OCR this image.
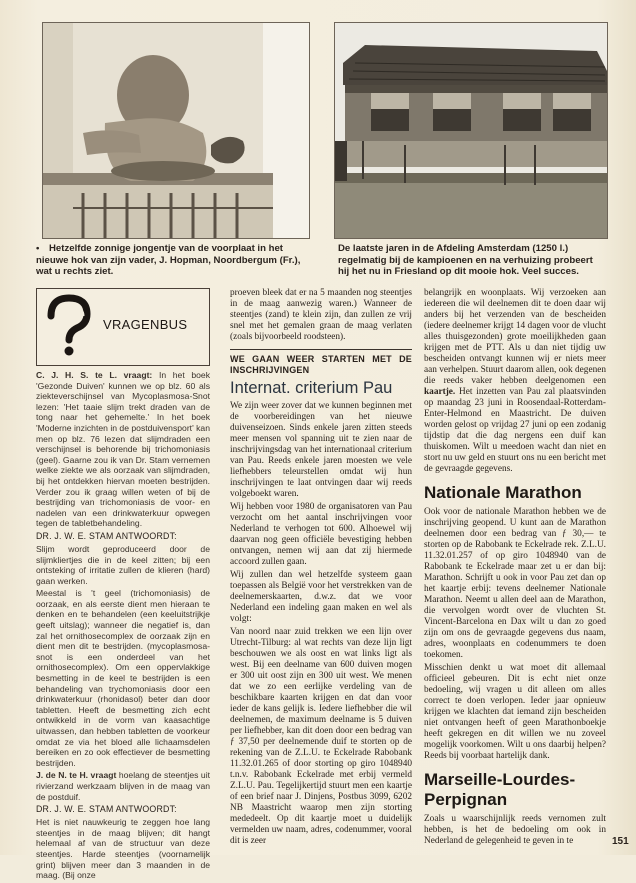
• Hetzelfde zonnige jongentje van de voorplaat in het nieuwe hok van zijn vader, J. Hopman, Noordbergum (Fr.), wat u rechts ziet.
De laatste jaren in de Afdeling Amsterdam (1250 l.) regelmatig bij de kampioenen en na verhuizing probeert hij het nu in Friesland op dit mooie hok. Veel succes.
VRAGENBUS

C. J. H. S. te L. vraagt: In het boek 'Gezonde Duiven' kunnen we op blz. 60 als ziekteverschijnsel van Mycoplasmosa-Snot lezen: 'Het taaie slijm trekt draden van de tong naar het gehemelte.' In het boek 'Moderne inzichten in de postduivensport' kan men op blz. 76 lezen dat slijmdraden een verschijnsel is behorende bij trichomoniasis (geel). Gaarne zou ik van Dr. Stam vernemen welke ziekte we als oorzaak van slijmdraden, bij het ontdekken hiervan moeten bestrijden. Verder zou ik graag willen weten of bij de bestrijding van trichomoniasis de voor- en nadelen van een drinkwaterkuur opwegen tegen de tabletbehandeling.

DR. J. W. E. STAM ANTWOORDT:

Slijm wordt geproduceerd door de slijmkliertjes die in de keel zitten; bij een ontsteking of irritatie zullen de klieren (hard) gaan werken.

Meestal is 't geel (trichomoniasis) de oorzaak, en als eerste dient men hieraan te denken en te behandelen (een keeluitstrijkje geeft uitslag); wanneer die negatief is, dan zal het ornithosecomplex de oorzaak zijn en dient men dit te bestrijden. (mycoplasmosa-snot is een onderdeel van het ornithosecomplex). Om een oppervlakkige besmetting in de keel te bestrijden is een behandeling van trychomoniasis door een drinkwaterkuur (rhonidasol) beter dan door tabletten. Heeft de besmetting zich echt ontwikkeld in de vorm van kaasachtige uitwassen, dan hebben tabletten de voorkeur omdat ze via het bloed alle lichaamsdelen bereiken en zo ook effectiever de besmetting bestrijden.

J. de N. te H. vraagt hoelang de steentjes uit rivierzand werkzaam blijven in de maag van de postduif.

DR. J. W. E. STAM ANTWOORDT:

Het is niet nauwkeurig te zeggen hoe lang steentjes in de maag blijven; dit hangt helemaal af van de structuur van deze steentjes. Harde steentjes (voornamelijk grint) blijven meer dan 3 maanden in de maag. (Bij onze

proeven bleek dat er na 5 maanden nog steentjes in de maag aanwezig waren.) Wanneer de steentjes (zand) te klein zijn, dan zullen ze vrij snel met het gemalen graan de maag verlaten (zoals bijvoorbeeld roodsteen).

WE GAAN WEER STARTEN MET DE INSCHRIJVINGEN
Internat. criterium Pau

We zijn weer zover dat we kunnen beginnen met de voorbereidingen van het nieuwe duivenseizoen. Sinds enkele jaren zitten steeds meer mensen vol spanning uit te zien naar de inschrijvingsdag van het internationaal criterium van Pau. Reeds enkele jaren moesten we vele liefhebbers teleurstellen omdat wij hun inschrijvingen te laat ontvingen daar wij reeds volgeboekt waren.

Wij hebben voor 1980 de organisatoren van Pau verzocht om het aantal inschrijvingen voor Nederland te verhogen tot 600. Alhoewel wij daarvan nog geen officiële bevestiging hebben ontvangen, nemen wij aan dat zij hiermede accoord zullen gaan.

Wij zullen dan wel hetzelfde systeem gaan toepassen als België voor het verstrekken van de deelnemerskaarten, d.w.z. dat we voor Nederland een indeling gaan maken en wel als volgt:

Van noord naar zuid trekken we een lijn over Utrecht-Tilburg: al wat rechts van deze lijn ligt beschouwen we als oost en wat links ligt als west. Bij een deelname van 600 duiven mogen er 300 uit oost zijn en 300 uit west. We menen dat we zo een eerlijke verdeling van de beschikbare kaarten krijgen en dat dan voor ieder de kans gelijk is. Iedere liefhebber die wil deelnemen, de maximum deelname is 5 duiven per liefhebber, kan dit doen door een bedrag van ƒ 37,50 per deelnemende duif te storten op de rekening van de Z.L.U. te Eckelrade Rabobank 11.32.01.265 of door storting op giro 1048940 t.n.v. Rabobank Eckelrade met erbij vermeld Z.L.U. Pau. Tegelijkertijd stuurt men een kaartje of een brief naar J. Dinjens, Postbus 3099, 6202 NB Maastricht waarop men zijn storting mededeelt. Op dit kaartje moet u duidelijk vermelden uw naam, adres, codenummer, vooral dit is zeer

belangrijk en woonplaats. Wij verzoeken aan iedereen die wil deelnemen dit te doen daar wij anders bij het verzenden van de bescheiden (iedere deelnemer krijgt 14 dagen voor de vlucht alles thuisgezonden) grote moeilijkheden gaan krijgen met de PTT. Als u dan niet tijdig uw bescheiden ontvangt kunnen wij er niets meer aan verhelpen. Stuurt daarom allen, ook degenen die reeds vaker hebben deelgenomen een kaartje. Het inzetten van Pau zal plaatsvinden op maandag 23 juni in Roosendaal-Rotterdam-Enter-Helmond en Maastricht. De duiven worden gelost op vrijdag 27 juni op een zodanig tijdstip dat die dag nergens een duif kan thuiskomen. Wilt u meedoen wacht dan niet en stort nu uw geld en stuurt ons nu een bericht met de gevraagde gegevens.

Nationale Marathon

Ook voor de nationale Marathon hebben we de inschrijving geopend. U kunt aan de Marathon deelnemen door een bedrag van ƒ 30,— te storten op de Rabobank te Eckelrade rek. Z.L.U. 11.32.01.257 of op giro 1048940 van de Rabobank te Eckelrade maar zet u er dan bij: Marathon. Schrijft u ook in voor Pau zet dan op het kaartje erbij: tevens deelnemer Nationale Marathon. Neemt u allen deel aan de Marathon, die vervolgen wordt over de vluchten St. Vincent-Barcelona en Dax wilt u dan zo goed zijn om ons de gevraagde gegevens dus naam, adres, woonplaats en codenummers te doen toekomen.

Misschien denkt u wat moet dit allemaal officieel gebeuren. Dit is echt niet onze bedoeling, wij vragen u dit alleen om alles correct te doen verlopen. Ieder jaar opnieuw krijgen we klachten dat iemand zijn bescheiden niet ontvangen heeft of geen Marathonboekje heeft gekregen en dit willen we nu zoveel mogelijk voorkomen. Wilt u ons daarbij helpen? Reeds bij voorbaat hartelijk dank.

Marseille-Lourdes-Perpignan

Zoals u waarschijnlijk reeds vernomen zult hebben, is het de bedoeling om ook in Nederland de gelegenheid te geven in te	151
